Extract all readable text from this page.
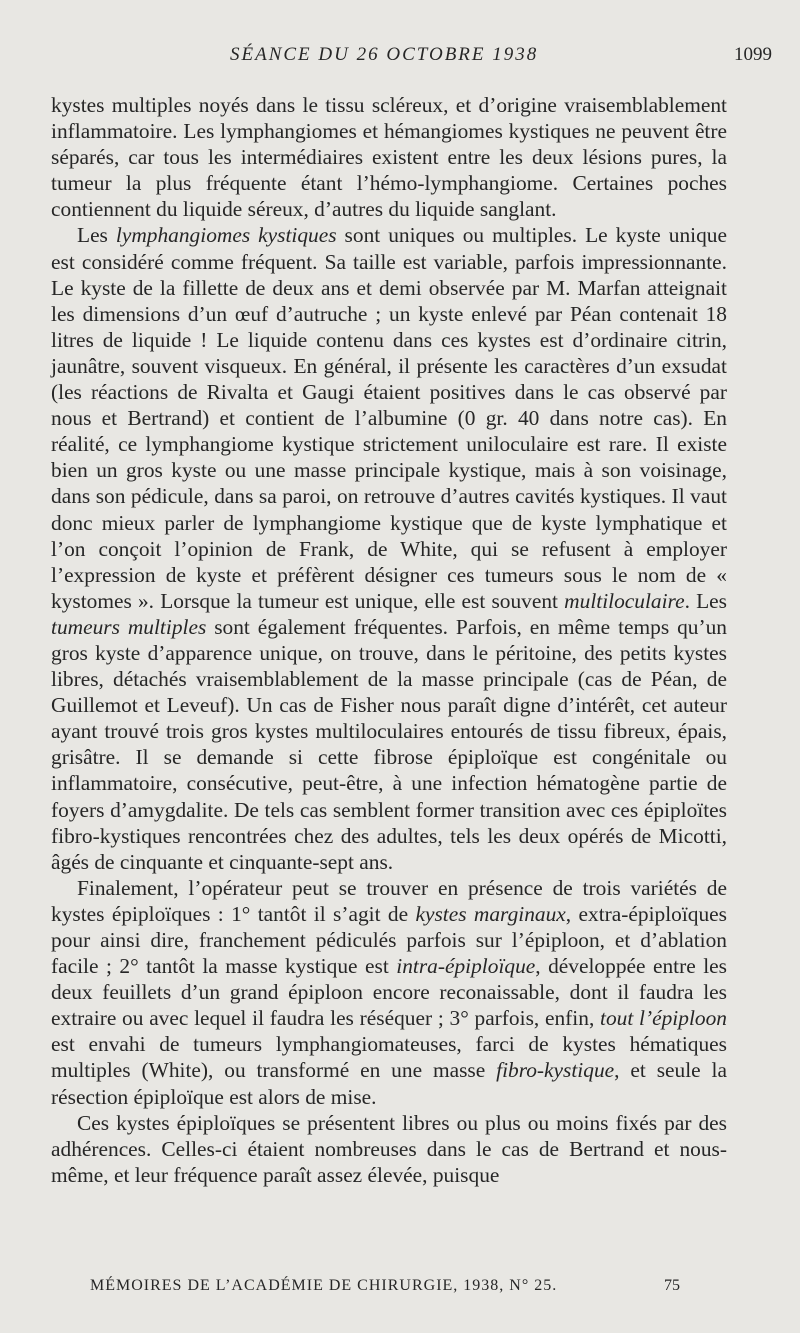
SÉANCE DU 26 OCTOBRE 1938	1099

kystes multiples noyés dans le tissu scléreux, et d’origine vraisemblablement inflammatoire. Les lymphangiomes et hémangiomes kystiques ne peuvent être séparés, car tous les intermédiaires existent entre les deux lésions pures, la tumeur la plus fréquente étant l’hémo-lymphangiome. Certaines poches contiennent du liquide séreux, d’autres du liquide sanglant.

Les lymphangiomes kystiques sont uniques ou multiples. Le kyste unique est considéré comme fréquent. Sa taille est variable, parfois impressionnante. Le kyste de la fillette de deux ans et demi observée par M. Marfan atteignait les dimensions d’un œuf d’autruche ; un kyste enlevé par Péan contenait 18 litres de liquide ! Le liquide contenu dans ces kystes est d’ordinaire citrin, jaunâtre, souvent visqueux. En général, il présente les caractères d’un exsudat (les réactions de Rivalta et Gaugi étaient positives dans le cas observé par nous et Bertrand) et contient de l’albumine (0 gr. 40 dans notre cas). En réalité, ce lymphangiome kystique strictement uniloculaire est rare. Il existe bien un gros kyste ou une masse principale kystique, mais à son voisinage, dans son pédicule, dans sa paroi, on retrouve d’autres cavités kystiques. Il vaut donc mieux parler de lymphangiome kystique que de kyste lymphatique et l’on conçoit l’opinion de Frank, de White, qui se refusent à employer l’expression de kyste et préfèrent désigner ces tumeurs sous le nom de « kystomes ». Lorsque la tumeur est unique, elle est souvent multiloculaire. Les tumeurs multiples sont également fréquentes. Parfois, en même temps qu’un gros kyste d’apparence unique, on trouve, dans le péritoine, des petits kystes libres, détachés vraisemblablement de la masse principale (cas de Péan, de Guillemot et Leveuf). Un cas de Fisher nous paraît digne d’intérêt, cet auteur ayant trouvé trois gros kystes multiloculaires entourés de tissu fibreux, épais, grisâtre. Il se demande si cette fibrose épiploïque est congénitale ou inflammatoire, consécutive, peut-être, à une infection hématogène partie de foyers d’amygdalite. De tels cas semblent former transition avec ces épiploïtes fibro-kystiques rencontrées chez des adultes, tels les deux opérés de Micotti, âgés de cinquante et cinquante-sept ans.

Finalement, l’opérateur peut se trouver en présence de trois variétés de kystes épiploïques : 1° tantôt il s’agit de kystes marginaux, extra-épiploïques pour ainsi dire, franchement pédiculés parfois sur l’épiploon, et d’ablation facile ; 2° tantôt la masse kystique est intra-épiploïque, développée entre les deux feuillets d’un grand épiploon encore reconaissable, dont il faudra les extraire ou avec lequel il faudra les réséquer ; 3° parfois, enfin, tout l’épiploon est envahi de tumeurs lymphangiomateuses, farci de kystes hématiques multiples (White), ou transformé en une masse fibro-kystique, et seule la résection épiploïque est alors de mise.

Ces kystes épiploïques se présentent libres ou plus ou moins fixés par des adhérences. Celles-ci étaient nombreuses dans le cas de Bertrand et nous-même, et leur fréquence paraît assez élevée, puisque

MÉMOIRES DE L’ACADÉMIE DE CHIRURGIE, 1938, N° 25.	75
